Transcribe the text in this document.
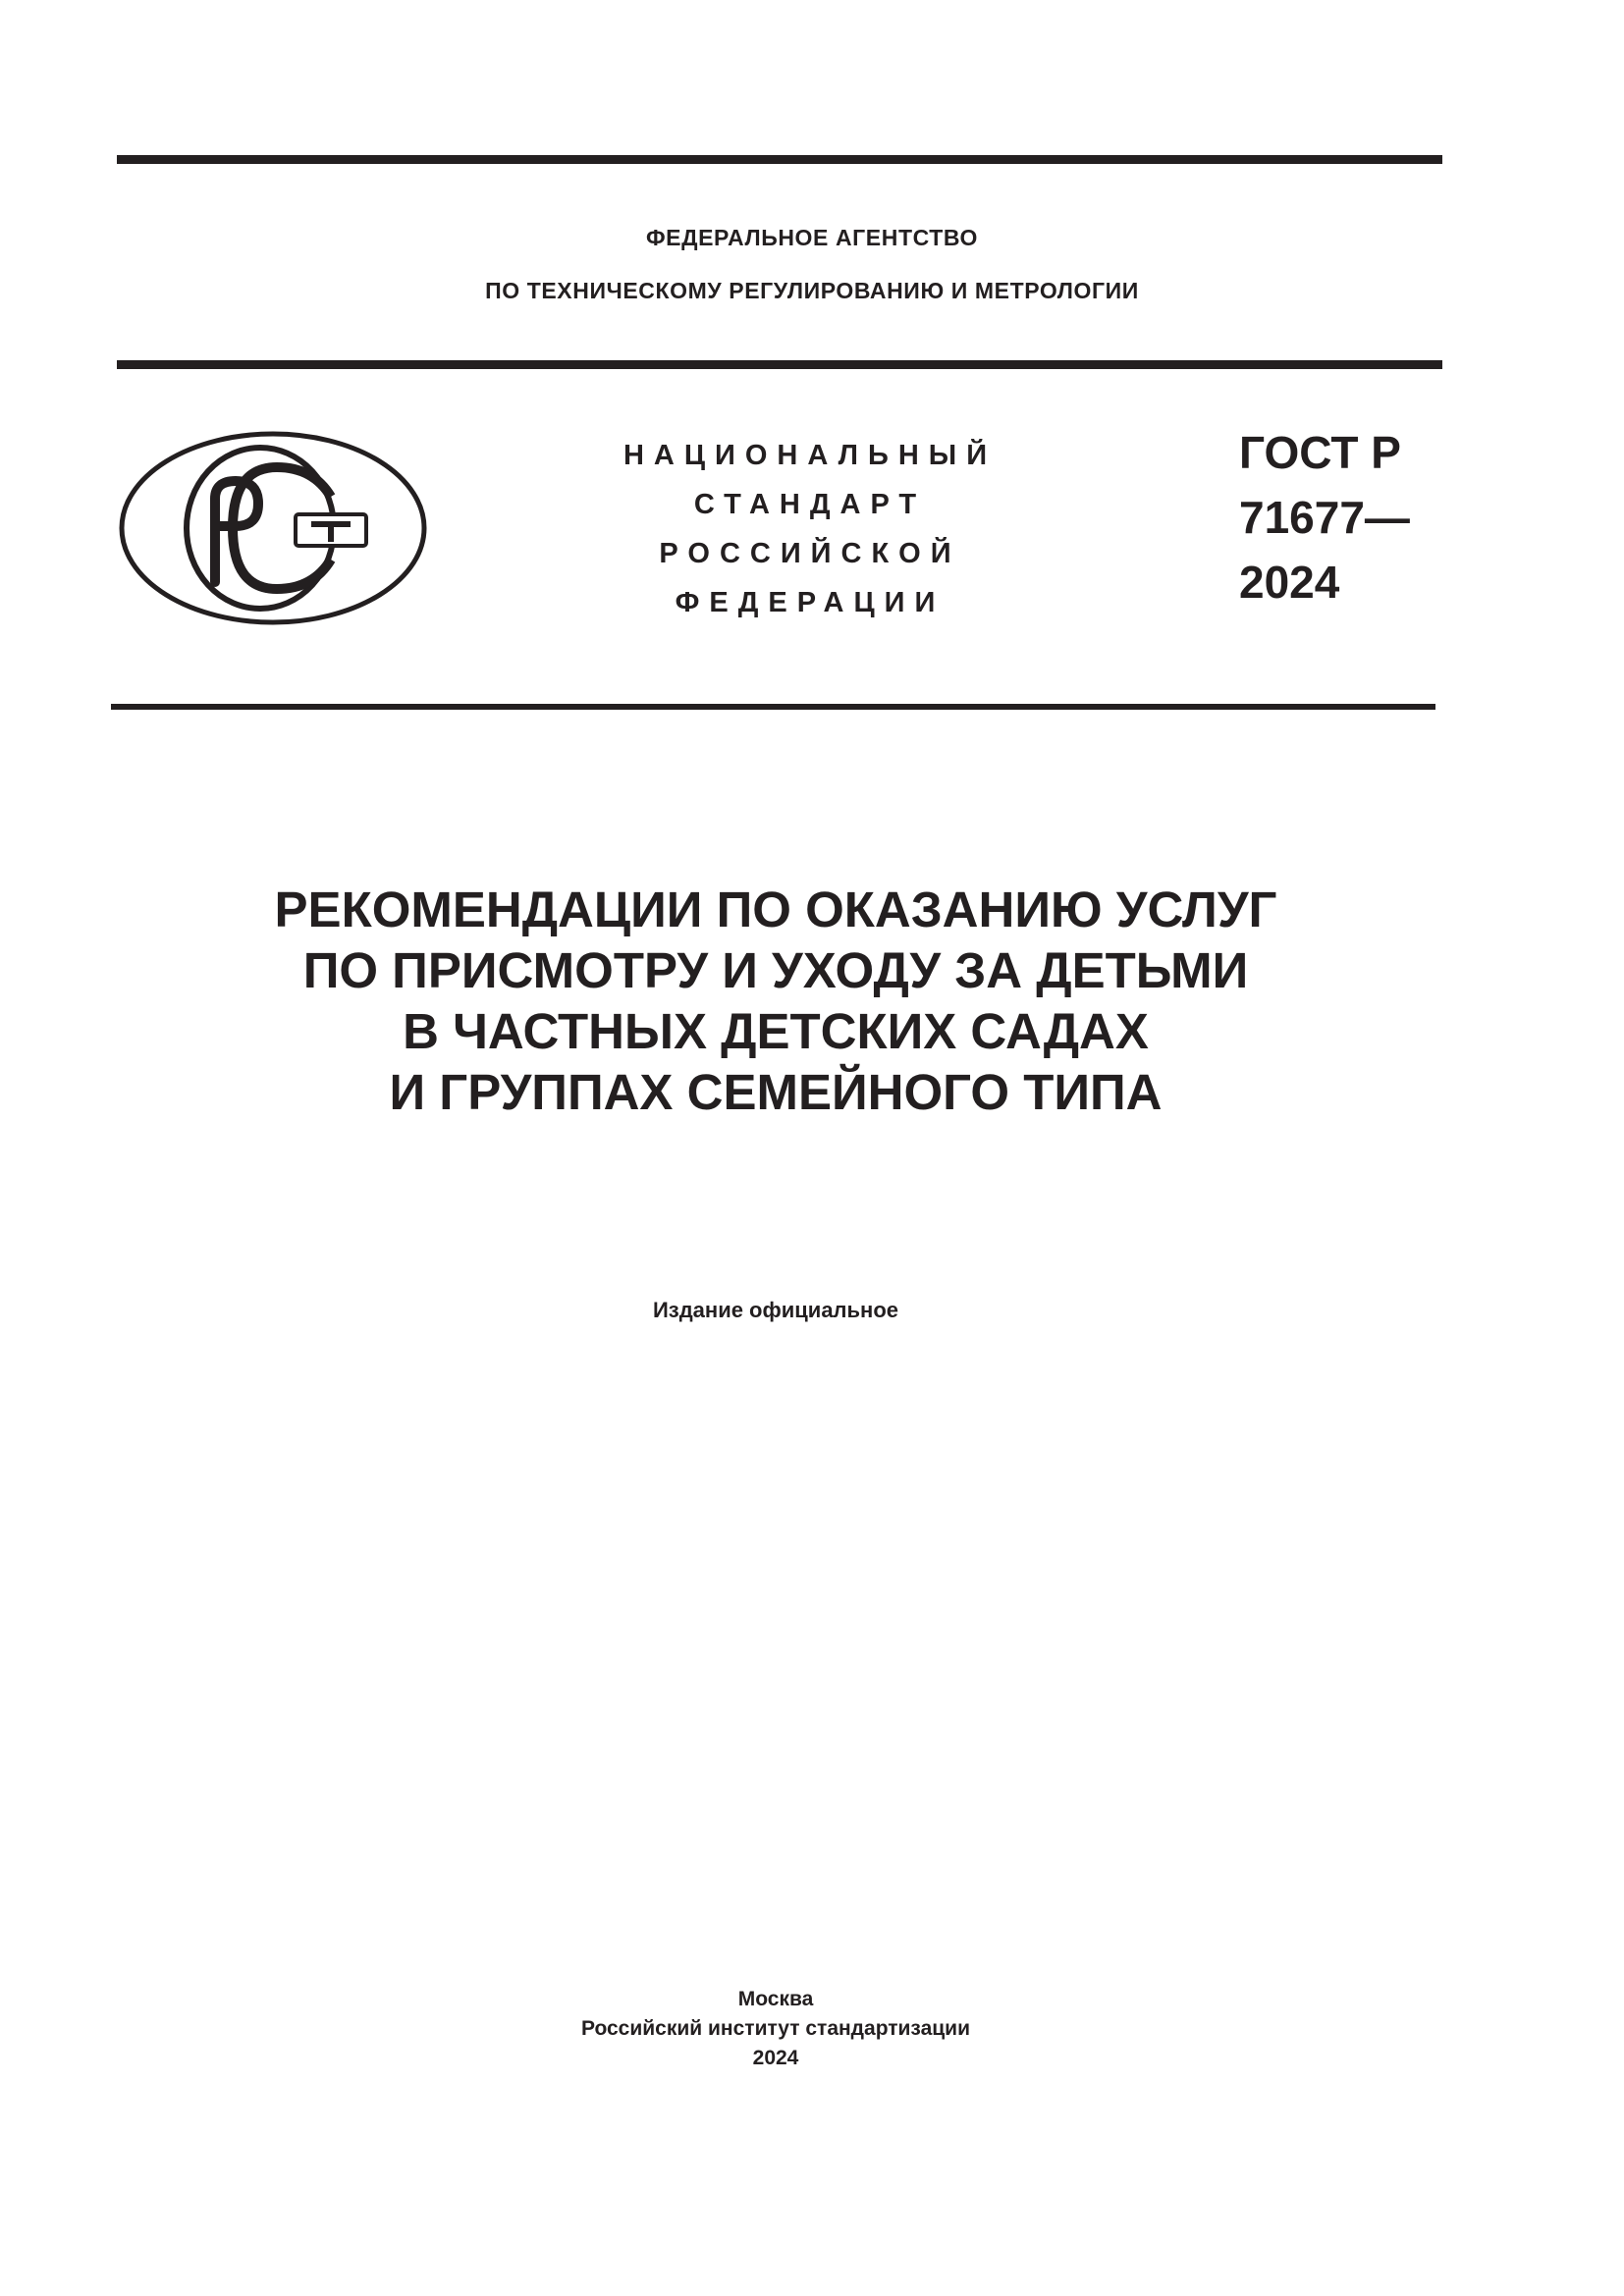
ФЕДЕРАЛЬНОЕ АГЕНТСТВО
ПО ТЕХНИЧЕСКОМУ РЕГУЛИРОВАНИЮ И МЕТРОЛОГИИ
НАЦИОНАЛЬНЫЙ
СТАНДАРТ
РОССИЙСКОЙ
ФЕДЕРАЦИИ
ГОСТ Р
71677—
2024
РЕКОМЕНДАЦИИ ПО ОКАЗАНИЮ УСЛУГ
ПО ПРИСМОТРУ И УХОДУ ЗА ДЕТЬМИ
В ЧАСТНЫХ ДЕТСКИХ САДАХ
И ГРУППАХ СЕМЕЙНОГО ТИПА
Издание официальное
Москва
Российский институт стандартизации
2024
